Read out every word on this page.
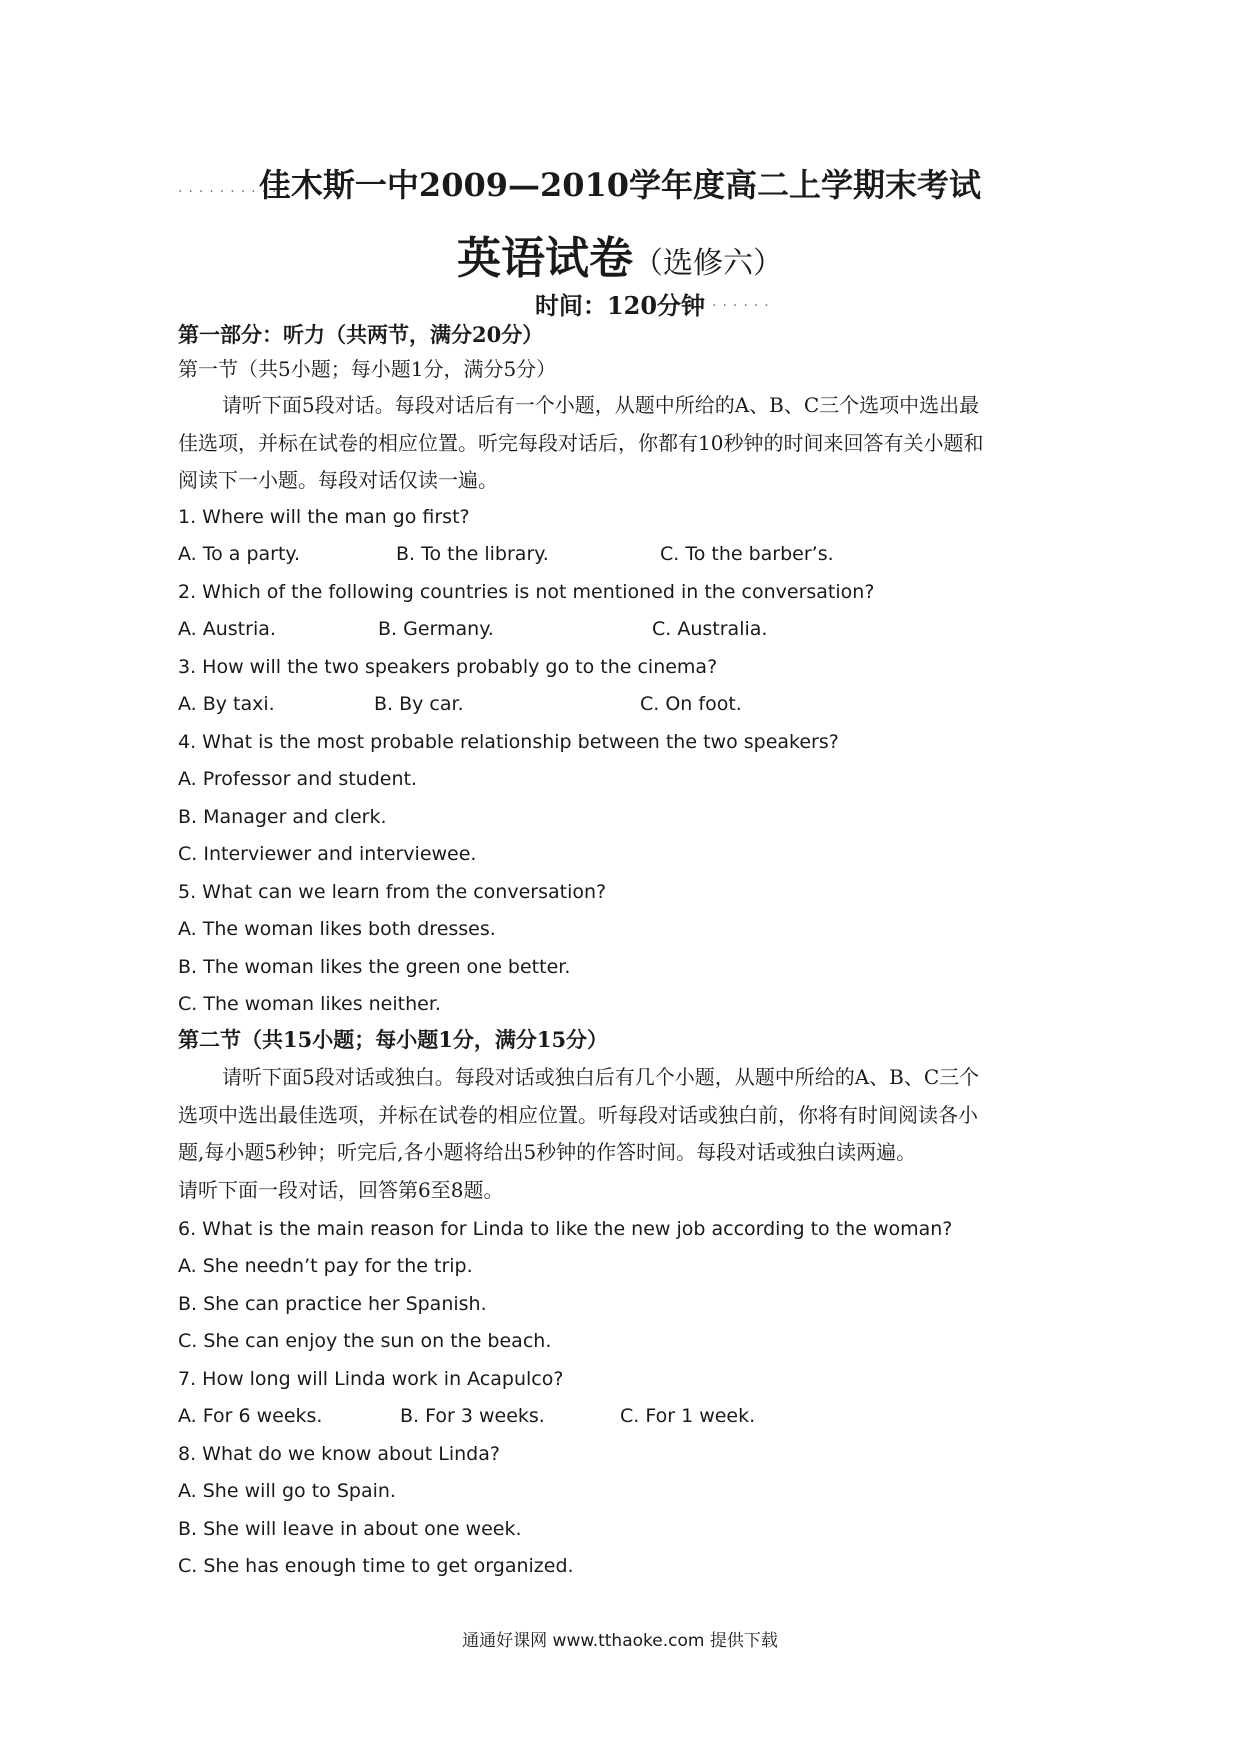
..........
佳木斯一中2009—2010学年度高二上学期末考试
英语试卷（选修六）
时间：120分钟 ......
第一部分：听力（共两节，满分20分）
第一节（共5小题；每小题1分，满分5分）
请听下面5段对话。每段对话后有一个小题，从题中所给的A、B、C三个选项中选出最
佳选项，并标在试卷的相应位置。听完每段对话后，你都有10秒钟的时间来回答有关小题和
阅读下一小题。每段对话仅读一遍。
1. Where will the man go first?
A. To a party.	B. To the library.	C. To the barber’s.
2. Which of the following countries is not mentioned in the conversation?
A. Austria.	B. Germany.	C. Australia.
3. How will the two speakers probably go to the cinema?
A. By taxi.	B. By car.	C. On foot.
4. What is the most probable relationship between the two speakers?
A. Professor and student.
B. Manager and clerk.
C. Interviewer and interviewee.
5. What can we learn from the conversation?
A. The woman likes both dresses.
B. The woman likes the green one better.
C. The woman likes neither.
第二节（共15小题；每小题1分，满分15分）
请听下面5段对话或独白。每段对话或独白后有几个小题，从题中所给的A、B、C三个
选项中选出最佳选项，并标在试卷的相应位置。听每段对话或独白前，你将有时间阅读各小
题,每小题5秒钟；听完后,各小题将给出5秒钟的作答时间。每段对话或独白读两遍。
请听下面一段对话，回答第6至8题。
6. What is the main reason for Linda to like the new job according to the woman?
A. She needn’t pay for the trip.
B. She can practice her Spanish.
C. She can enjoy the sun on the beach.
7. How long will Linda work in Acapulco?
A. For 6 weeks.	B. For 3 weeks.	C. For 1 week.
8. What do we know about Linda?
A. She will go to Spain.
B. She will leave in about one week.
C. She has enough time to get organized.
通通好课网 www.tthaoke.com 提供下载
